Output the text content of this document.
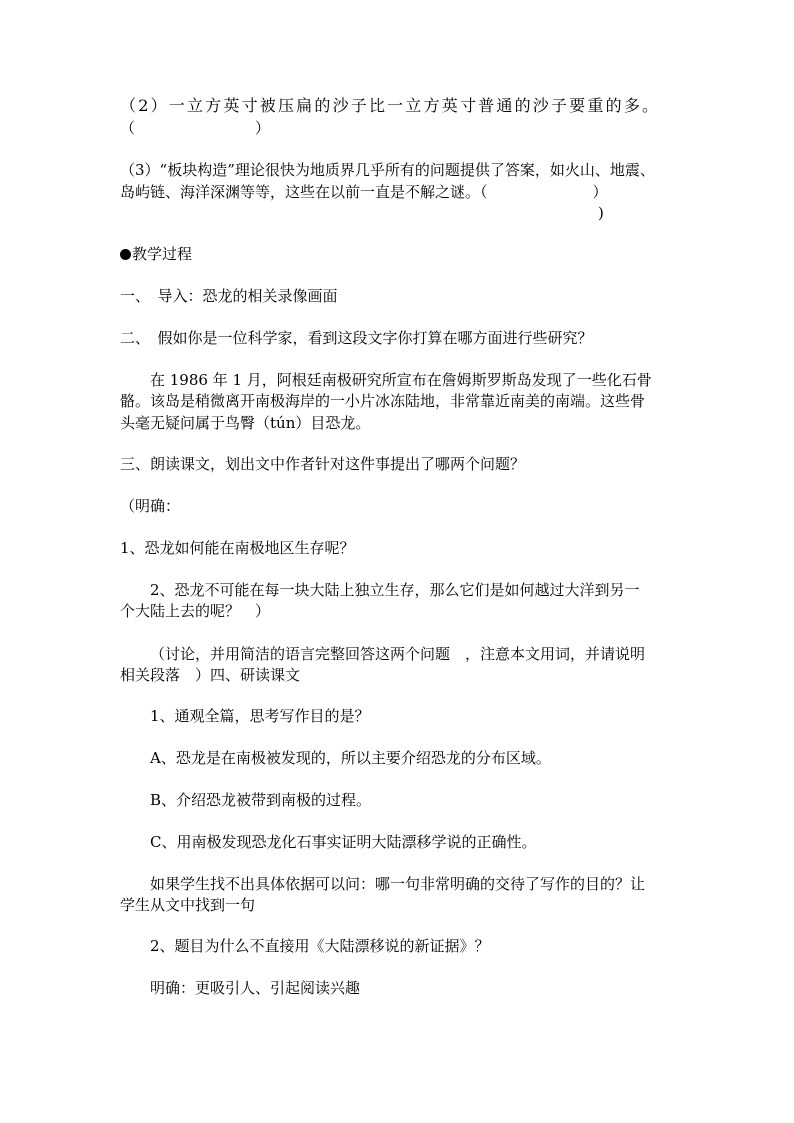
（2）一立方英寸被压扁的沙子比一立方英寸普通的沙子要重的多。
（　　　　　　　　）
（3）“板块构造”理论很快为地质界几乎所有的问题提供了答案，如火山、地震、
岛屿链、海洋深渊等等，这些在以前一直是不解之谜。（　　　　　　　）
)
教学过程
一、　导入：恐龙的相关录像画面
二、　假如你是一位科学家，看到这段文字你打算在哪方面进行些研究？
在 1986 年 1 月，阿根廷南极研究所宣布在詹姆斯罗斯岛发现了一些化石骨
骼。该岛是稍微离开南极海岸的一小片冰冻陆地，非常靠近南美的南端。这些骨
头毫无疑问属于鸟臀（tún）目恐龙。
三、朗读课文，划出文中作者针对这件事提出了哪两个问题？
（明确：
1、恐龙如何能在南极地区生存呢？
2、恐龙不可能在每一块大陆上独立生存，那么它们是如何越过大洋到另一
个大陆上去的呢？　）
（讨论，并用简洁的语言完整回答这两个问题　，注意本文用词，并请说明
相关段落　）四、研读课文
1、通观全篇，思考写作目的是？
A、恐龙是在南极被发现的，所以主要介绍恐龙的分布区域。
B、介绍恐龙被带到南极的过程。
C、用南极发现恐龙化石事实证明大陆漂移学说的正确性。
如果学生找不出具体依据可以问：哪一句非常明确的交待了写作的目的？让
学生从文中找到一句
2、题目为什么不直接用《大陆漂移说的新证据》？
明确：更吸引人、引起阅读兴趣
